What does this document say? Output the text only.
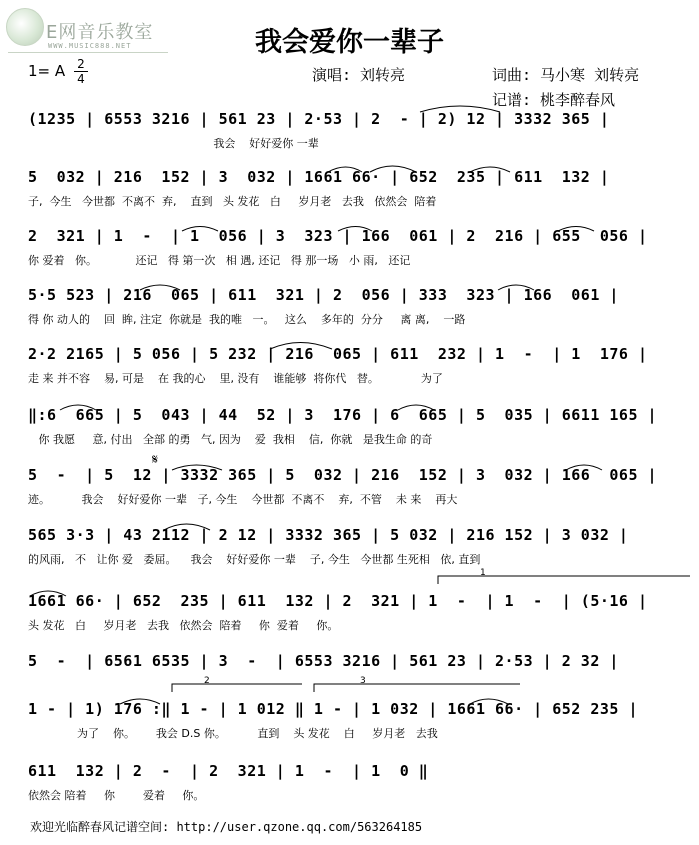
E网音乐教室
WWW.MUSIC888.NET	我会爱你一辈子
演唱: 刘转亮	词曲: 马小寒 刘转亮
记谱: 桃李醉春风
1= A 2
4
(1235 | 6553 3216 | 561 23 | 2·53 | 2  - | 2) 12 | 3332 365 |
我会    好好爱你 一辈
5  032 | 216  152 | 3  032 | 1661 66· | 652  235 | 611  132 |
子,  今生   今世都  不离不  弃,    直到   头 发花   白     岁月老   去我   依然会  陪着
2  321 | 1  -  | 1  056 | 3  323 | 166  061 | 2  216 | 655  056 |
你 爱着   你。           还记   得 第一次   相 遇, 还记   得 那一场   小 雨,   还记
5·5 523 | 216  065 | 611  321 | 2  056 | 333  323 | 166  061 |
得 你 动人的    回  眸, 注定  你就是  我的唯   一。   这么    多年的  分分     离 离,    一路
2·2 2165 | 5 056 | 5 232 | 216  065 | 611  232 | 1  -  | 1  176 |
走 来 并不容    易, 可是    在 我的心    里, 没有    谁能够  将你代   替。            为了
‖:6  665 | 5  043 | 44  52 | 3  176 | 6  665 | 5  035 | 6611 165 |
你 我愿     意, 付出   全部 的勇   气, 因为    爱  我相    信,  你就   是我生命 的奇
5  -  | 5  12 | 3332 365 | 5  032 | 216  152 | 3  032 | 166  065 |
迹。         我会    好好爱你 一辈   子, 今生    今世都  不离不    弃,  不管    未 来    再大
565 3·3 | 43 2112 | 2 12 | 3332 365 | 5 032 | 216 152 | 3 032 |
的风雨,   不   让你 爱   委屈。    我会    好好爱你 一辈    子, 今生   今世都 生死相   依, 直到
1661 66· | 652  235 | 611  132 | 2  321 | 1  -  | 1  -  | (5·16 |
头 发花   白     岁月老   去我   依然会  陪着     你  爱着     你。
5  -  | 6561 6535 | 3  -  | 6553 3216 | 561 23 | 2·53 | 2 32 |
1 - | 1) 176 :‖ 1 - | 1 012 ‖ 1 - | 1 032 | 1661 66· | 652 235 |
为了    你。      我会 D.S 你。         直到    头 发花    白     岁月老   去我
611  132 | 2  -  | 2  321 | 1  -  | 1  0 ‖
依然会 陪着     你        爱着     你。
1
2	3
𝄋
欢迎光临醉春风记谱空间: http://user.qzone.qq.com/563264185
